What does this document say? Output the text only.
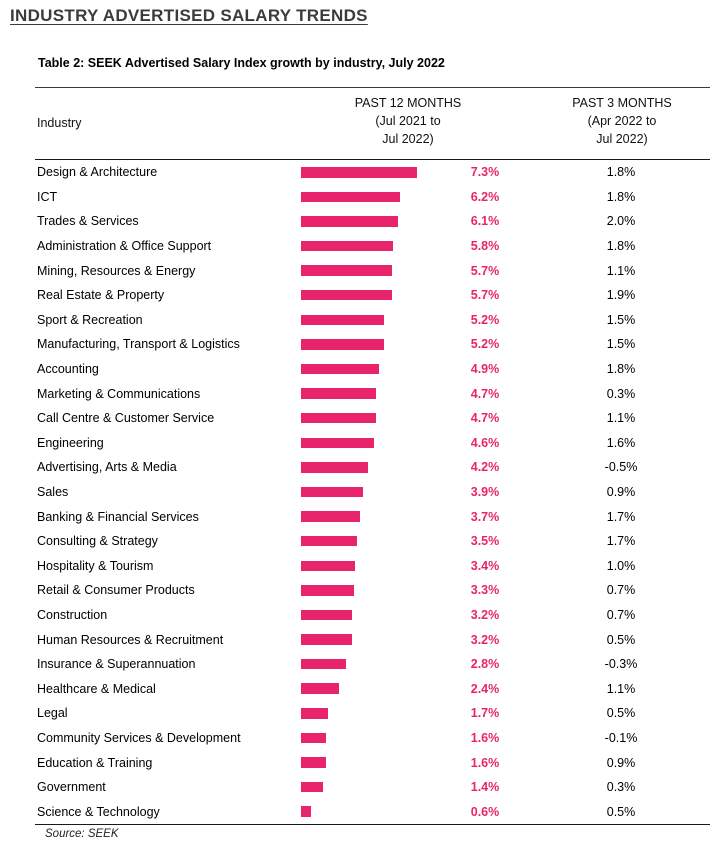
INDUSTRY ADVERTISED SALARY TRENDS
Table 2: SEEK Advertised Salary Index growth by industry, July 2022
Industry
PAST 12 MONTHS
(Jul 2021 to
Jul 2022)
PAST 3 MONTHS
(Apr 2022 to
Jul 2022)
Design & Architecture	7.3%	1.8%
ICT	6.2%	1.8%
Trades & Services	6.1%	2.0%
Administration & Office Support	5.8%	1.8%
Mining, Resources & Energy	5.7%	1.1%
Real Estate & Property	5.7%	1.9%
Sport & Recreation	5.2%	1.5%
Manufacturing, Transport & Logistics	5.2%	1.5%
Accounting	4.9%	1.8%
Marketing & Communications	4.7%	0.3%
Call Centre & Customer Service	4.7%	1.1%
Engineering	4.6%	1.6%
Advertising, Arts & Media	4.2%	-0.5%
Sales	3.9%	0.9%
Banking & Financial Services	3.7%	1.7%
Consulting & Strategy	3.5%	1.7%
Hospitality & Tourism	3.4%	1.0%
Retail & Consumer Products	3.3%	0.7%
Construction	3.2%	0.7%
Human Resources & Recruitment	3.2%	0.5%
Insurance & Superannuation	2.8%	-0.3%
Healthcare & Medical	2.4%	1.1%
Legal	1.7%	0.5%
Community Services & Development	1.6%	-0.1%
Education & Training	1.6%	0.9%
Government	1.4%	0.3%
Science & Technology	0.6%	0.5%
Source: SEEK
